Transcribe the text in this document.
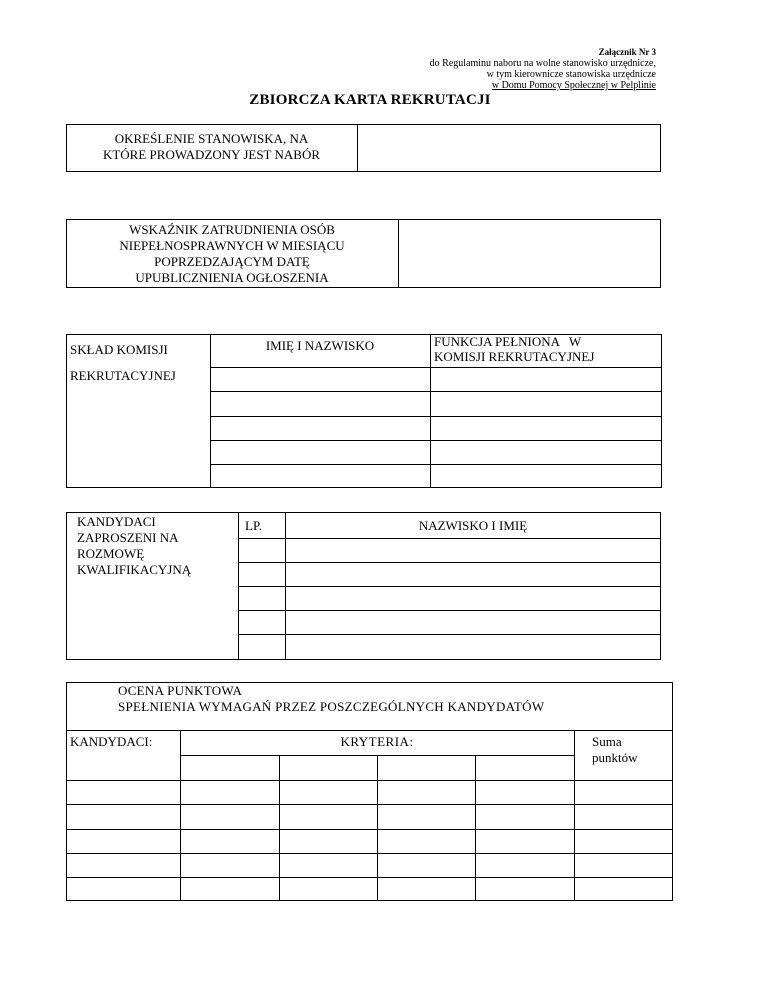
Załącznik Nr 3
do Regulaminu naboru na wolne stanowisko urzędnicze,
w tym kierownicze stanowiska urzędnicze
w Domu Pomocy Społecznej w Pelplinie
ZBIORCZA KARTA REKRUTACJI
OKREŚLENIE STANOWISKA, NA
KTÓRE PROWADZONY JEST NABÓR
WSKAŹNIK ZATRUDNIENIA OSÓB
NIEPEŁNOSPRAWNYCH W MIESIĄCU
POPRZEDZAJĄCYM DATĘ
UPUBLICZNIENIA OGŁOSZENIA
SKŁAD KOMISJI
REKRUTACYJNEJ
IMIĘ I NAZWISKO	FUNKCJA PEŁNIONA   W
KOMISJI REKRUTACYJNEJ
KANDYDACI
ZAPROSZENI NA
ROZMOWĘ
KWALIFIKACYJNĄ
LP.	NAZWISKO I IMIĘ
OCENA PUNKTOWA
SPEŁNIENIA WYMAGAŃ PRZEZ POSZCZEGÓLNYCH KANDYDATÓW
KANDYDACI:	KRYTERIA:	Suma
punktów
